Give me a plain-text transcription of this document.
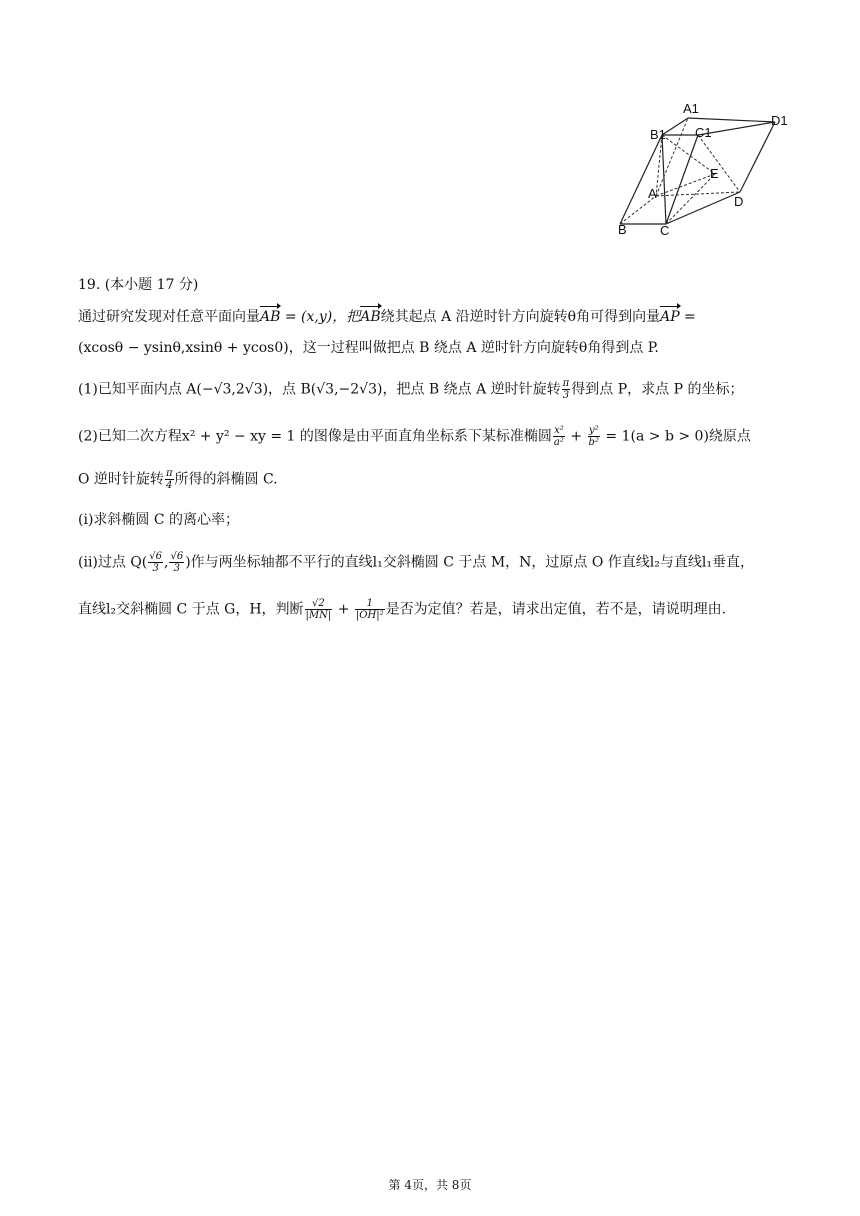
A1
B1 C1
D1
A
E
D
B	C
19. (本小题 17 分)
通过研究发现对任意平面向量AB = (x,y)，把AB绕其起点 A 沿逆时针方向旋转θ角可得到向量AP =
(xcosθ − ysinθ,xsinθ + ycos0)，这一过程叫做把点 B 绕点 A 逆时针方向旋转θ角得到点 P.
(1)已知平面内点 A(−√3,2√3)，点 B(√3,−2√3)，把点 B 绕点 A 逆时针旋转 $\frac{\pi}{3}$ 得到点 P，求点 P 的坐标；
(2)已知二次方程x² + y² − xy = 1 的图像是由平面直角坐标系下某标准椭圆 $\frac{\text{x²}}{\text{a²}} + \frac{\text{y²}}{\text{b²}} = 1(a > b > 0)$绕原点
O 逆时针旋转 $\frac{\pi}{4}$ 所得的斜椭圆 C.
(i)求斜椭圆 C 的离心率；
(ii)过点 $Q( \frac{√6}{3}$ , $\frac{√6}{3}$ )作与两坐标轴都不平行的直线l₁交斜椭圆 C 于点 M，N，过原点 O 作直线l₂与直线l₁垂直，
直线l₂交斜椭圆 C 于点 G，H，判断 $\frac{√2}{|MN|} + \frac{1}{\text{|OH|²}}$ 是否为定值？若是，请求出定值，若不是，请说明理由.
第 4页，共 8页
